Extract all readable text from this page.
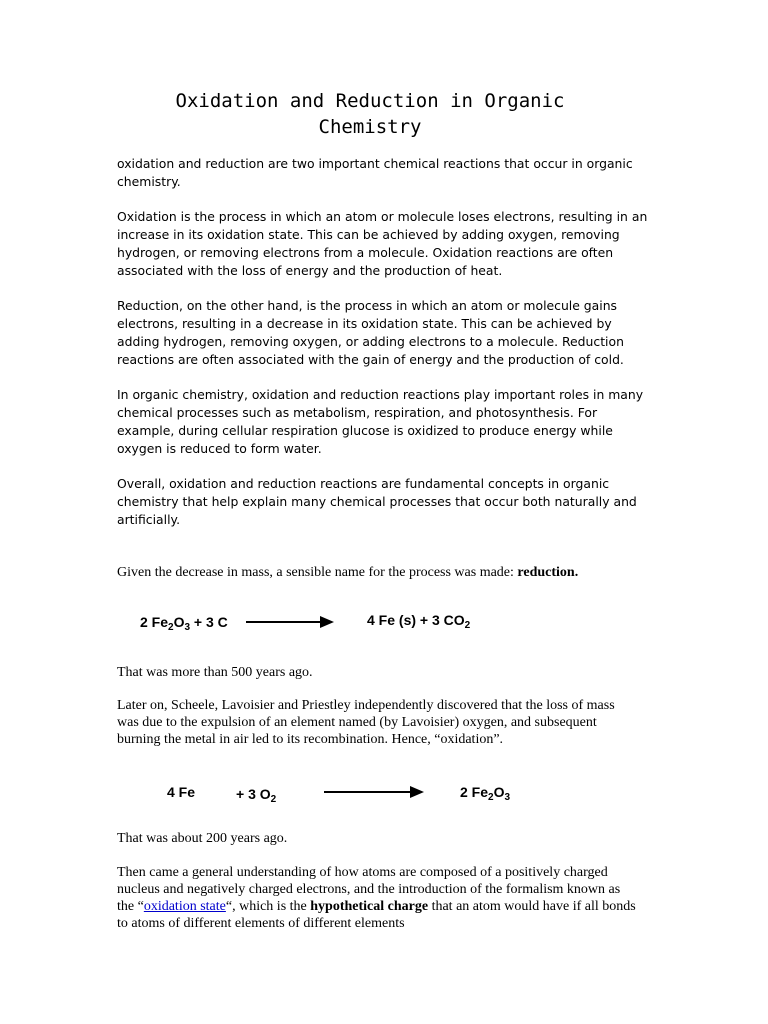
Oxidation and Reduction in Organic
Chemistry
oxidation and reduction are two important chemical reactions that occur in organic chemistry.
Oxidation is the process in which an atom or molecule loses electrons, resulting in an increase in its oxidation state. This can be achieved by adding oxygen, removing hydrogen, or removing electrons from a molecule. Oxidation reactions are often associated with the loss of energy and the production of heat.
Reduction, on the other hand, is the process in which an atom or molecule gains electrons, resulting in a decrease in its oxidation state. This can be achieved by adding hydrogen, removing oxygen, or adding electrons to a molecule. Reduction reactions are often associated with the gain of energy and the production of cold.
In organic chemistry, oxidation and reduction reactions play important roles in many chemical processes such as metabolism, respiration, and photosynthesis. For example, during cellular respiration glucose is oxidized to produce energy while oxygen is reduced to form water.
Overall, oxidation and reduction reactions are fundamental concepts in organic chemistry that help explain many chemical processes that occur both naturally and artificially.
Given the decrease in mass, a sensible name for the process was made: reduction.
2 $Fe_2O_3 + 3$ C	4 Fe (s) + 3 $CO_2$
That was more than 500 years ago.
Later on, Scheele, Lavoisier and Priestley independently discovered that the loss of mass was due to the expulsion of an element named (by Lavoisier) oxygen, and subsequent burning the metal in air led to its recombination. Hence, “oxidation”.
4 Fe	+ 3 $O_2$	2 $Fe_2O_3$
That was about 200 years ago.
Then came a general understanding of how atoms are composed of a positively charged nucleus and negatively charged electrons, and the introduction of the formalism known as the “oxidation state“, which is the hypothetical charge that an atom would have if all bonds to atoms of different elements of different elements
